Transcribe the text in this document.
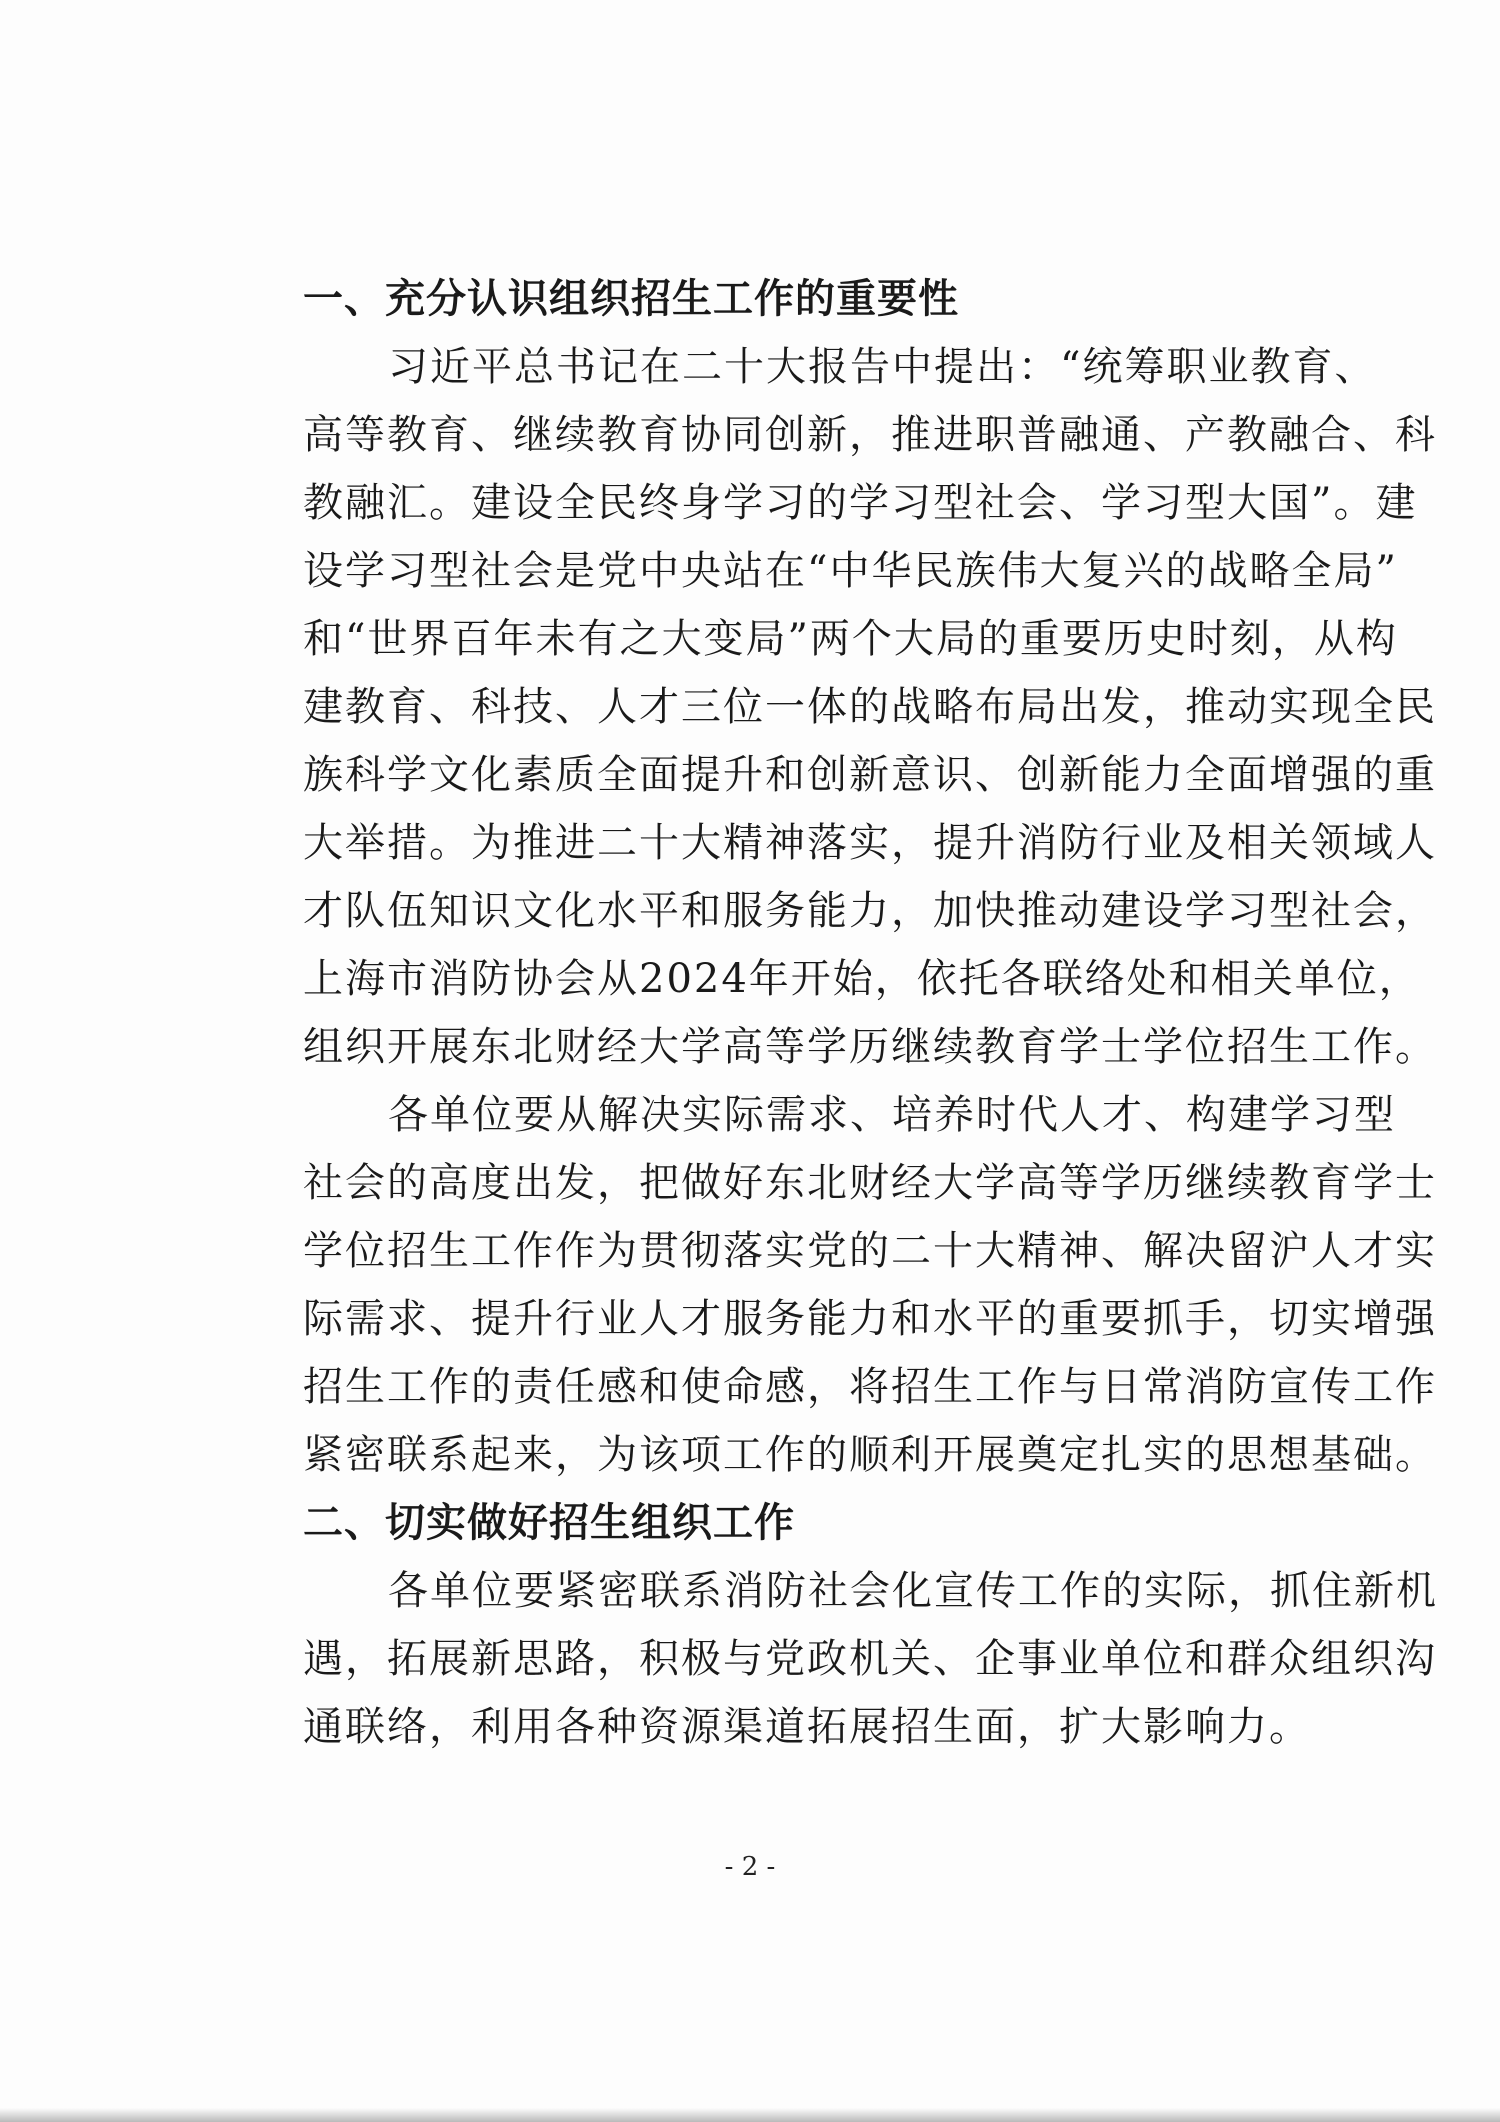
一、充分认识组织招生工作的重要性
习近平总书记在二十大报告中提出：“统筹职业教育、
高等教育、继续教育协同创新，推进职普融通、产教融合、科
教融汇。建设全民终身学习的学习型社会、学习型大国”。建
设学习型社会是党中央站在“中华民族伟大复兴的战略全局”
和“世界百年未有之大变局”两个大局的重要历史时刻，从构
建教育、科技、人才三位一体的战略布局出发，推动实现全民
族科学文化素质全面提升和创新意识、创新能力全面增强的重
大举措。为推进二十大精神落实，提升消防行业及相关领域人
才队伍知识文化水平和服务能力，加快推动建设学习型社会，
上海市消防协会从2024年开始，依托各联络处和相关单位，
组织开展东北财经大学高等学历继续教育学士学位招生工作。
各单位要从解决实际需求、培养时代人才、构建学习型
社会的高度出发，把做好东北财经大学高等学历继续教育学士
学位招生工作作为贯彻落实党的二十大精神、解决留沪人才实
际需求、提升行业人才服务能力和水平的重要抓手，切实增强
招生工作的责任感和使命感，将招生工作与日常消防宣传工作
紧密联系起来，为该项工作的顺利开展奠定扎实的思想基础。
二、切实做好招生组织工作
各单位要紧密联系消防社会化宣传工作的实际，抓住新机
遇，拓展新思路，积极与党政机关、企事业单位和群众组织沟
通联络，利用各种资源渠道拓展招生面，扩大影响力。
- 2 -
